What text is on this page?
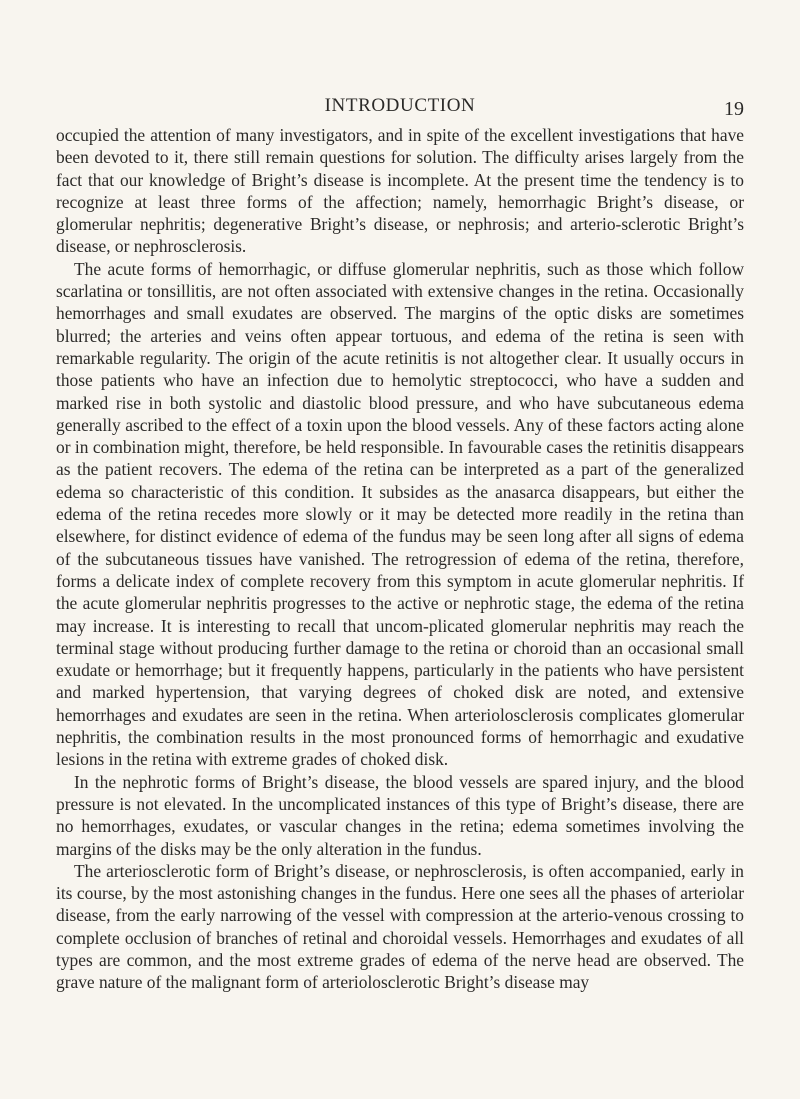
INTRODUCTION	19

occupied the attention of many investigators, and in spite of the excellent investigations that have been devoted to it, there still remain questions for solution. The difficulty arises largely from the fact that our knowledge of Bright’s disease is incomplete. At the present time the tendency is to recognize at least three forms of the affection; namely, hemorrhagic Bright’s disease, or glomerular nephritis; degenerative Bright’s disease, or nephrosis; and arterio-sclerotic Bright’s disease, or nephrosclerosis.

The acute forms of hemorrhagic, or diffuse glomerular nephritis, such as those which follow scarlatina or tonsillitis, are not often associated with extensive changes in the retina. Occasionally hemorrhages and small exudates are observed. The margins of the optic disks are sometimes blurred; the arteries and veins often appear tortuous, and edema of the retina is seen with remarkable regularity. The origin of the acute retinitis is not altogether clear. It usually occurs in those patients who have an infection due to hemolytic streptococci, who have a sudden and marked rise in both systolic and diastolic blood pressure, and who have subcutaneous edema generally ascribed to the effect of a toxin upon the blood vessels. Any of these factors acting alone or in combination might, therefore, be held responsible. In favourable cases the retinitis disappears as the patient recovers. The edema of the retina can be interpreted as a part of the generalized edema so characteristic of this condition. It subsides as the anasarca disappears, but either the edema of the retina recedes more slowly or it may be detected more readily in the retina than elsewhere, for distinct evidence of edema of the fundus may be seen long after all signs of edema of the subcutaneous tissues have vanished. The retrogression of edema of the retina, therefore, forms a delicate index of complete recovery from this symptom in acute glomerular nephritis. If the acute glomerular nephritis progresses to the active or nephrotic stage, the edema of the retina may increase. It is interesting to recall that uncom-plicated glomerular nephritis may reach the terminal stage without producing further damage to the retina or choroid than an occasional small exudate or hemorrhage; but it frequently happens, particularly in the patients who have persistent and marked hypertension, that varying degrees of choked disk are noted, and extensive hemorrhages and exudates are seen in the retina. When arteriolosclerosis complicates glomerular nephritis, the combination results in the most pronounced forms of hemorrhagic and exudative lesions in the retina with extreme grades of choked disk.

In the nephrotic forms of Bright’s disease, the blood vessels are spared injury, and the blood pressure is not elevated. In the uncomplicated instances of this type of Bright’s disease, there are no hemorrhages, exudates, or vascular changes in the retina; edema sometimes involving the margins of the disks may be the only alteration in the fundus.

The arteriosclerotic form of Bright’s disease, or nephrosclerosis, is often accompanied, early in its course, by the most astonishing changes in the fundus. Here one sees all the phases of arteriolar disease, from the early narrowing of the vessel with compression at the arterio-venous crossing to complete occlusion of branches of retinal and choroidal vessels. Hemorrhages and exudates of all types are common, and the most extreme grades of edema of the nerve head are observed. The grave nature of the malignant form of arteriolosclerotic Bright’s disease may
